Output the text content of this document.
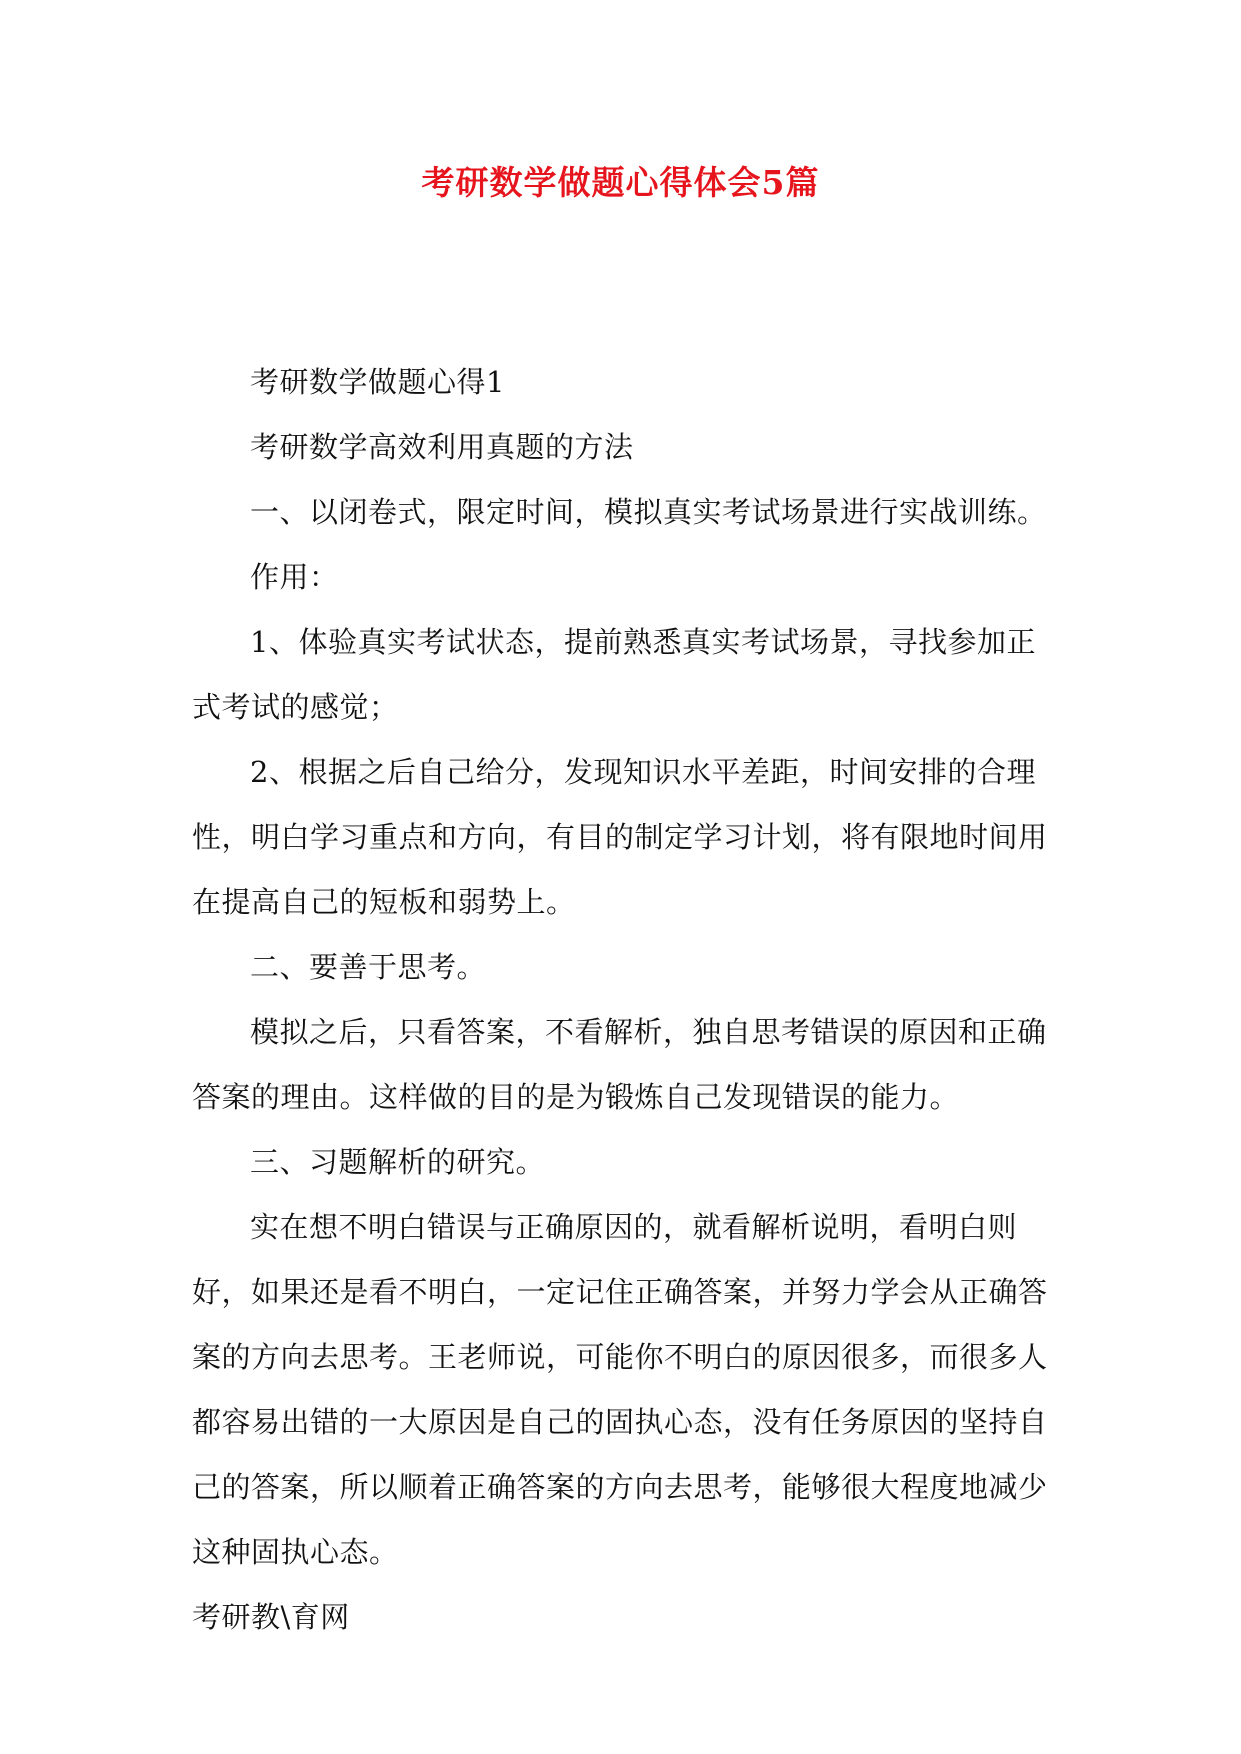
考研数学做题心得体会5篇

考研数学做题心得1

考研数学高效利用真题的方法

一、以闭卷式，限定时间，模拟真实考试场景进行实战训练。

作用：

1、体验真实考试状态，提前熟悉真实考试场景，寻找参加正式考试的感觉；

2、根据之后自己给分，发现知识水平差距，时间安排的合理性，明白学习重点和方向，有目的制定学习计划，将有限地时间用在提高自己的短板和弱势上。

二、要善于思考。

模拟之后，只看答案，不看解析，独自思考错误的原因和正确答案的理由。这样做的目的是为锻炼自己发现错误的能力。

三、习题解析的研究。

实在想不明白错误与正确原因的，就看解析说明，看明白则好，如果还是看不明白，一定记住正确答案，并努力学会从正确答案的方向去思考。王老师说，可能你不明白的原因很多，而很多人都容易出错的一大原因是自己的固执心态，没有任务原因的坚持自己的答案，所以顺着正确答案的方向去思考，能够很大程度地减少这种固执心态。

考研教\育网
